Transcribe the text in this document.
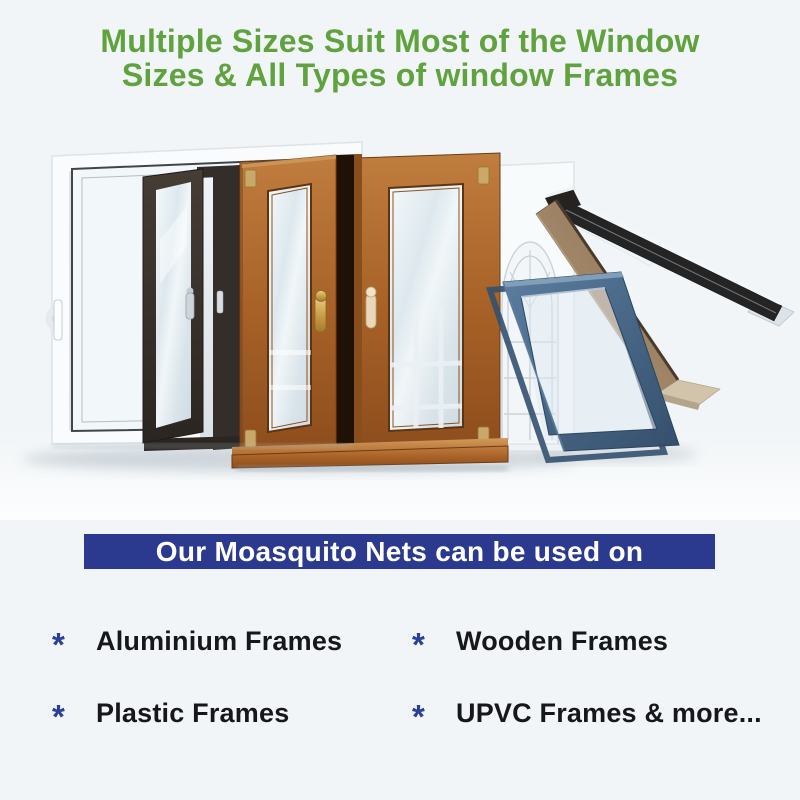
Multiple Sizes Suit Most of the Window
Sizes & All Types of window Frames
Our Moasquito Nets can be used on
*	Aluminium Frames *	Wooden Frames
*	Plastic Frames	*	UPVC Frames & more...
